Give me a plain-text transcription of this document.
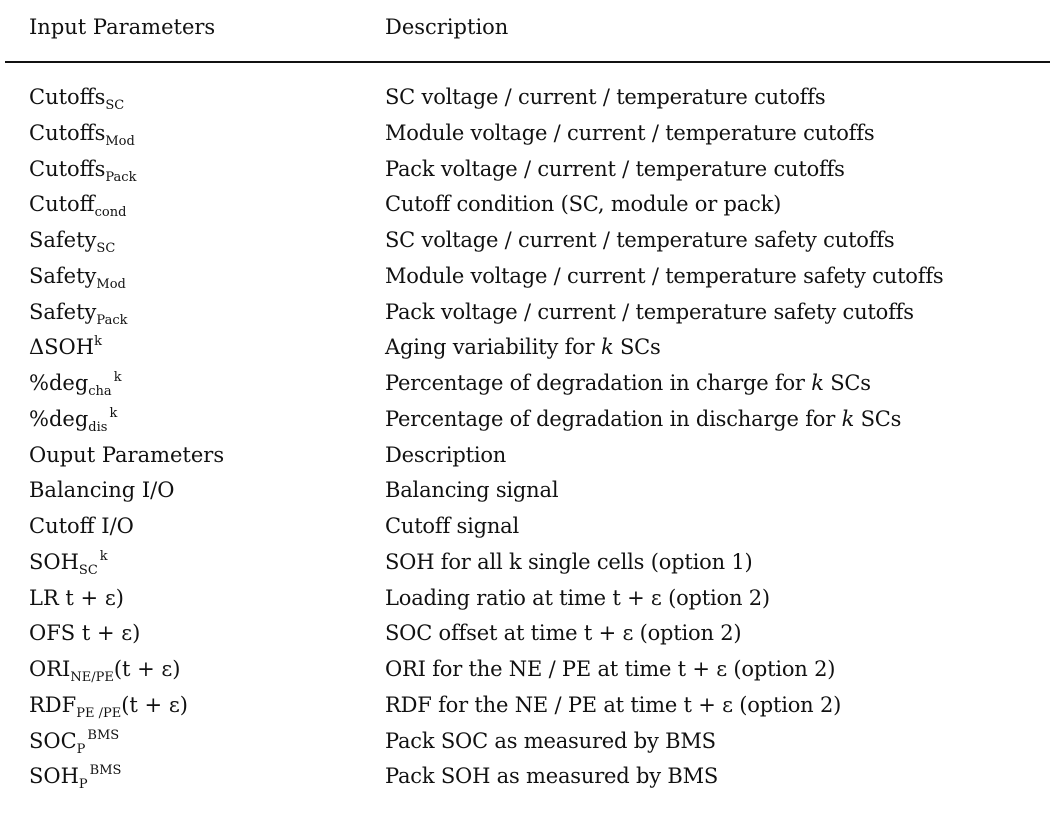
Input Parameters	Description
Cutoffs$_{SC}$	SC voltage / current / temperature cutoffs
Cutoffs$_{Mod}$	Module voltage / current / temperature cutoffs
Cutoffs$_{Pack}$	Pack voltage / current / temperature cutoffs
Cutoff$_{cond}$	Cutoff condition (SC, module or pack)
Safety$_{SC}$	SC voltage / current / temperature safety cutoffs
Safety$_{Mod}$	Module voltage / current / temperature safety cutoffs
Safety$_{Pack}$	Pack voltage / current / temperature safety cutoffs
ΔSOH$^k$	Aging variability for k SCs
%deg$_{cha}^k$	Percentage of degradation in charge for k SCs
%deg$_{dis}^k$	Percentage of degradation in discharge for k SCs
Ouput Parameters	Description
Balancing I/O	Balancing signal
Cutoff I/O	Cutoff signal
$SOH_{SC}^k$	SOH for all k single cells (option 1)
LR t + ε)	Loading ratio at time t + ε (option 2)
OFS t + ε)	SOC offset at time t + ε (option 2)
$ORI_{NE/PE}(t + \varepsilon)$	ORI for the NE / PE at time t + ε (option 2)
$RDF_{PE /PE}(t + \varepsilon)$	RDF for the NE / PE at time t + ε (option 2)
$SOC_P^{BMS}$	Pack SOC as measured by BMS
$SOH_P^{BMS}$	Pack SOH as measured by BMS
